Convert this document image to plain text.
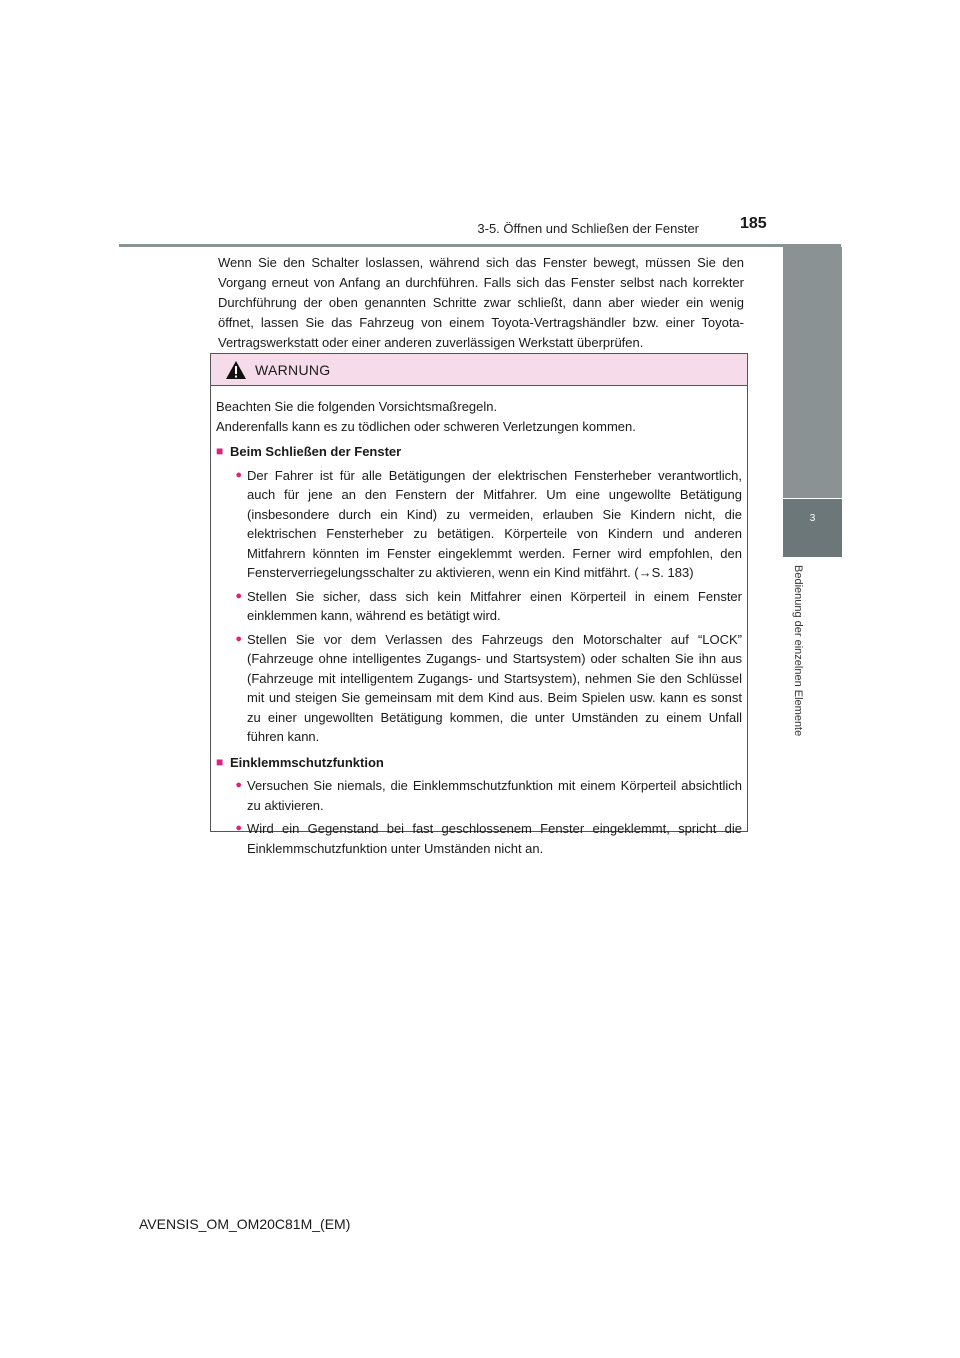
3-5. Öffnen und Schließen der Fenster	185
3
Bedienung der einzelnen Elemente

Wenn Sie den Schalter loslassen, während sich das Fenster bewegt, müssen Sie den Vorgang erneut von Anfang an durchführen. Falls sich das Fenster selbst nach korrekter Durchführung der oben genannten Schritte zwar schließt, dann aber wieder ein wenig öffnet, lassen Sie das Fahrzeug von einem Toyota-Vertragshändler bzw. einer Toyota-Vertragswerkstatt oder einer anderen zuverlässigen Werkstatt überprüfen.

WARNUNG

Beachten Sie die folgenden Vorsichtsmaßregeln.

Anderenfalls kann es zu tödlichen oder schweren Verletzungen kommen.

■ Beim Schließen der Fenster
● Der Fahrer ist für alle Betätigungen der elektrischen Fensterheber verantwortlich, auch für jene an den Fenstern der Mitfahrer. Um eine ungewollte Betätigung (insbesondere durch ein Kind) zu vermeiden, erlauben Sie Kindern nicht, die elektrischen Fensterheber zu betätigen. Körperteile von Kindern und anderen Mitfahrern könnten im Fenster eingeklemmt werden. Ferner wird empfohlen, den Fensterverriegelungsschalter zu aktivieren, wenn ein Kind mitfährt. (→S. 183)
● Stellen Sie sicher, dass sich kein Mitfahrer einen Körperteil in einem Fenster einklemmen kann, während es betätigt wird.
● Stellen Sie vor dem Verlassen des Fahrzeugs den Motorschalter auf “LOCK” (Fahrzeuge ohne intelligentes Zugangs- und Startsystem) oder schalten Sie ihn aus (Fahrzeuge mit intelligentem Zugangs- und Startsystem), nehmen Sie den Schlüssel mit und steigen Sie gemeinsam mit dem Kind aus. Beim Spielen usw. kann es sonst zu einer ungewollten Betätigung kommen, die unter Umständen zu einem Unfall führen kann.
■ Einklemmschutzfunktion
● Versuchen Sie niemals, die Einklemmschutzfunktion mit einem Körperteil absichtlich zu aktivieren.
● Wird ein Gegenstand bei fast geschlossenem Fenster eingeklemmt, spricht die Einklemmschutzfunktion unter Umständen nicht an.
AVENSIS_OM_OM20C81M_(EM)
